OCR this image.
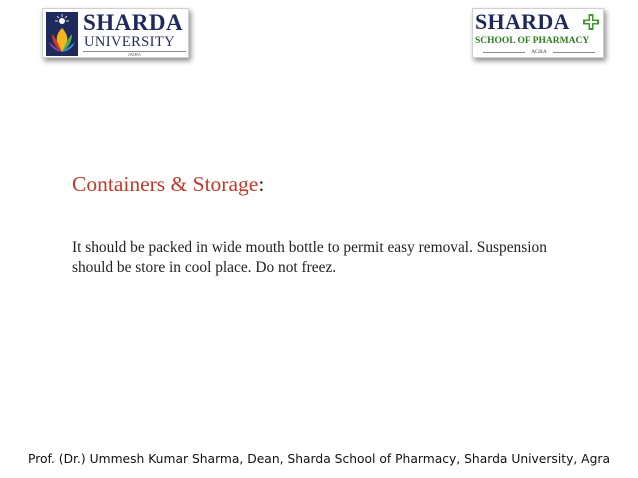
SHARDA
UNIVERSITY
AGRA
SHARDA
SCHOOL OF PHARMACY
AGRA
Containers & Storage:
It should be packed in wide mouth bottle to permit easy removal. Suspension should be store in cool place. Do not freez.
Prof. (Dr.) Ummesh Kumar Sharma, Dean, Sharda School of Pharmacy, Sharda University, Agra
